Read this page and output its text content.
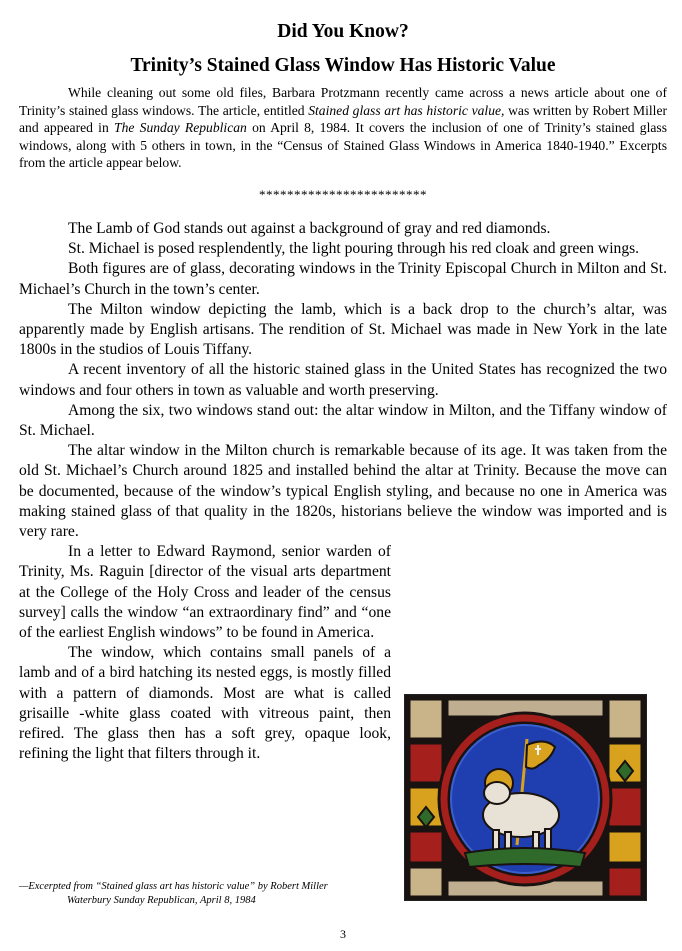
Did You Know?
Trinity’s Stained Glass Window Has Historic Value

While cleaning out some old files, Barbara Protzmann recently came across a news article about one of Trinity’s stained glass windows. The article, entitled Stained glass art has historic value, was written by Robert Miller and appeared in The Sunday Republican on April 8, 1984. It covers the inclusion of one of Trinity’s stained glass windows, along with 5 others in town, in the “Census of Stained Glass Windows in America 1840-1940.” Excerpts from the article appear below.

************************

The Lamb of God stands out against a background of gray and red diamonds.

St. Michael is posed resplendently, the light pouring through his red cloak and green wings.

Both figures are of glass, decorating windows in the Trinity Episcopal Church in Milton and St. Michael’s Church in the town’s center.

The Milton window depicting the lamb, which is a back drop to the church’s altar, was apparently made by English artisans. The rendition of St. Michael was made in New York in the late 1800s in the studios of Louis Tiffany.

A recent inventory of all the historic stained glass in the United States has recognized the two windows and four others in town as valuable and worth preserving.

Among the six, two windows stand out: the altar window in Milton, and the Tiffany window of St. Michael.

The altar window in the Milton church is remarkable because of its age. It was taken from the old St. Michael’s Church around 1825 and installed behind the altar at Trinity. Because the move can be documented, because of the window’s typical English styling, and because no one in America was making stained glass of that quality in the 1820s, historians believe the window was imported and is very rare.

In a letter to Edward Raymond, senior warden of Trinity, Ms. Raguin [director of the visual arts department at the College of the Holy Cross and leader of the census survey] calls the window “an extraordinary find” and “one of the earliest English windows” to be found in America.

The window, which contains small panels of a lamb and of a bird hatching its nested eggs, is mostly filled with a pattern of diamonds. Most are what is called grisaille -white glass coated with vitreous paint, then refired. The glass then has a soft grey, opaque look, refining the light that filters through it.

—Excerpted from “Stained glass art has historic value” by Robert Miller
Waterbury Sunday Republican, April 8, 1984

3
